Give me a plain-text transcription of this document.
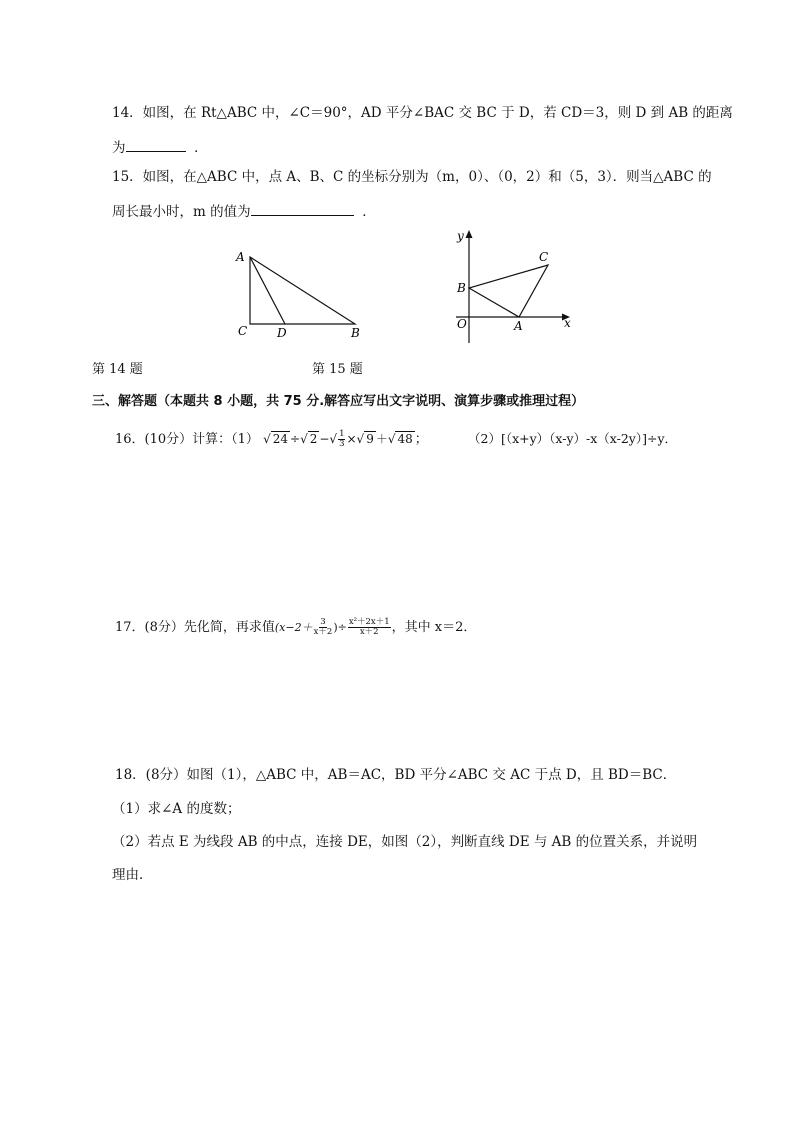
14．如图，在 Rt△ABC 中，∠C＝90°，AD 平分∠BAC 交 BC 于 D，若 CD＝3，则 D 到 AB 的距离
为	．
15．如图，在△ABC 中，点 A、B、C 的坐标分别为（m，0）、（0，2）和（5，3）．则当△ABC 的
周长最小时，m 的值为	．
A
C D	B
y
x
O	A
B
C
第 14 题	第 15 题
三、解答题（本题共 8 小题，共 75 分.解答应写出文字说明、演算步骤或推理过程）
16．(10分）计算：（1） √ 24 ÷√ 2 −√ $\frac{1}{3}$ ×√ 9 ＋√ 48 ；	（2）[（x+y）（x-y）-x（x-2y）]÷y．
17．(8分）先化简，再求值($x-2+ \frac{3}{x+2}$ )÷ $\frac{\text{x²＋2x＋1}}{x+2}$ ，其中 x＝2．
18．(8分）如图（1），△ABC 中，AB＝AC，BD 平分∠ABC 交 AC 于点 D，且 BD＝BC．
（1）求∠A 的度数；
（2）若点 E 为线段 AB 的中点，连接 DE，如图（2），判断直线 DE 与 AB 的位置关系，并说明
理由．
